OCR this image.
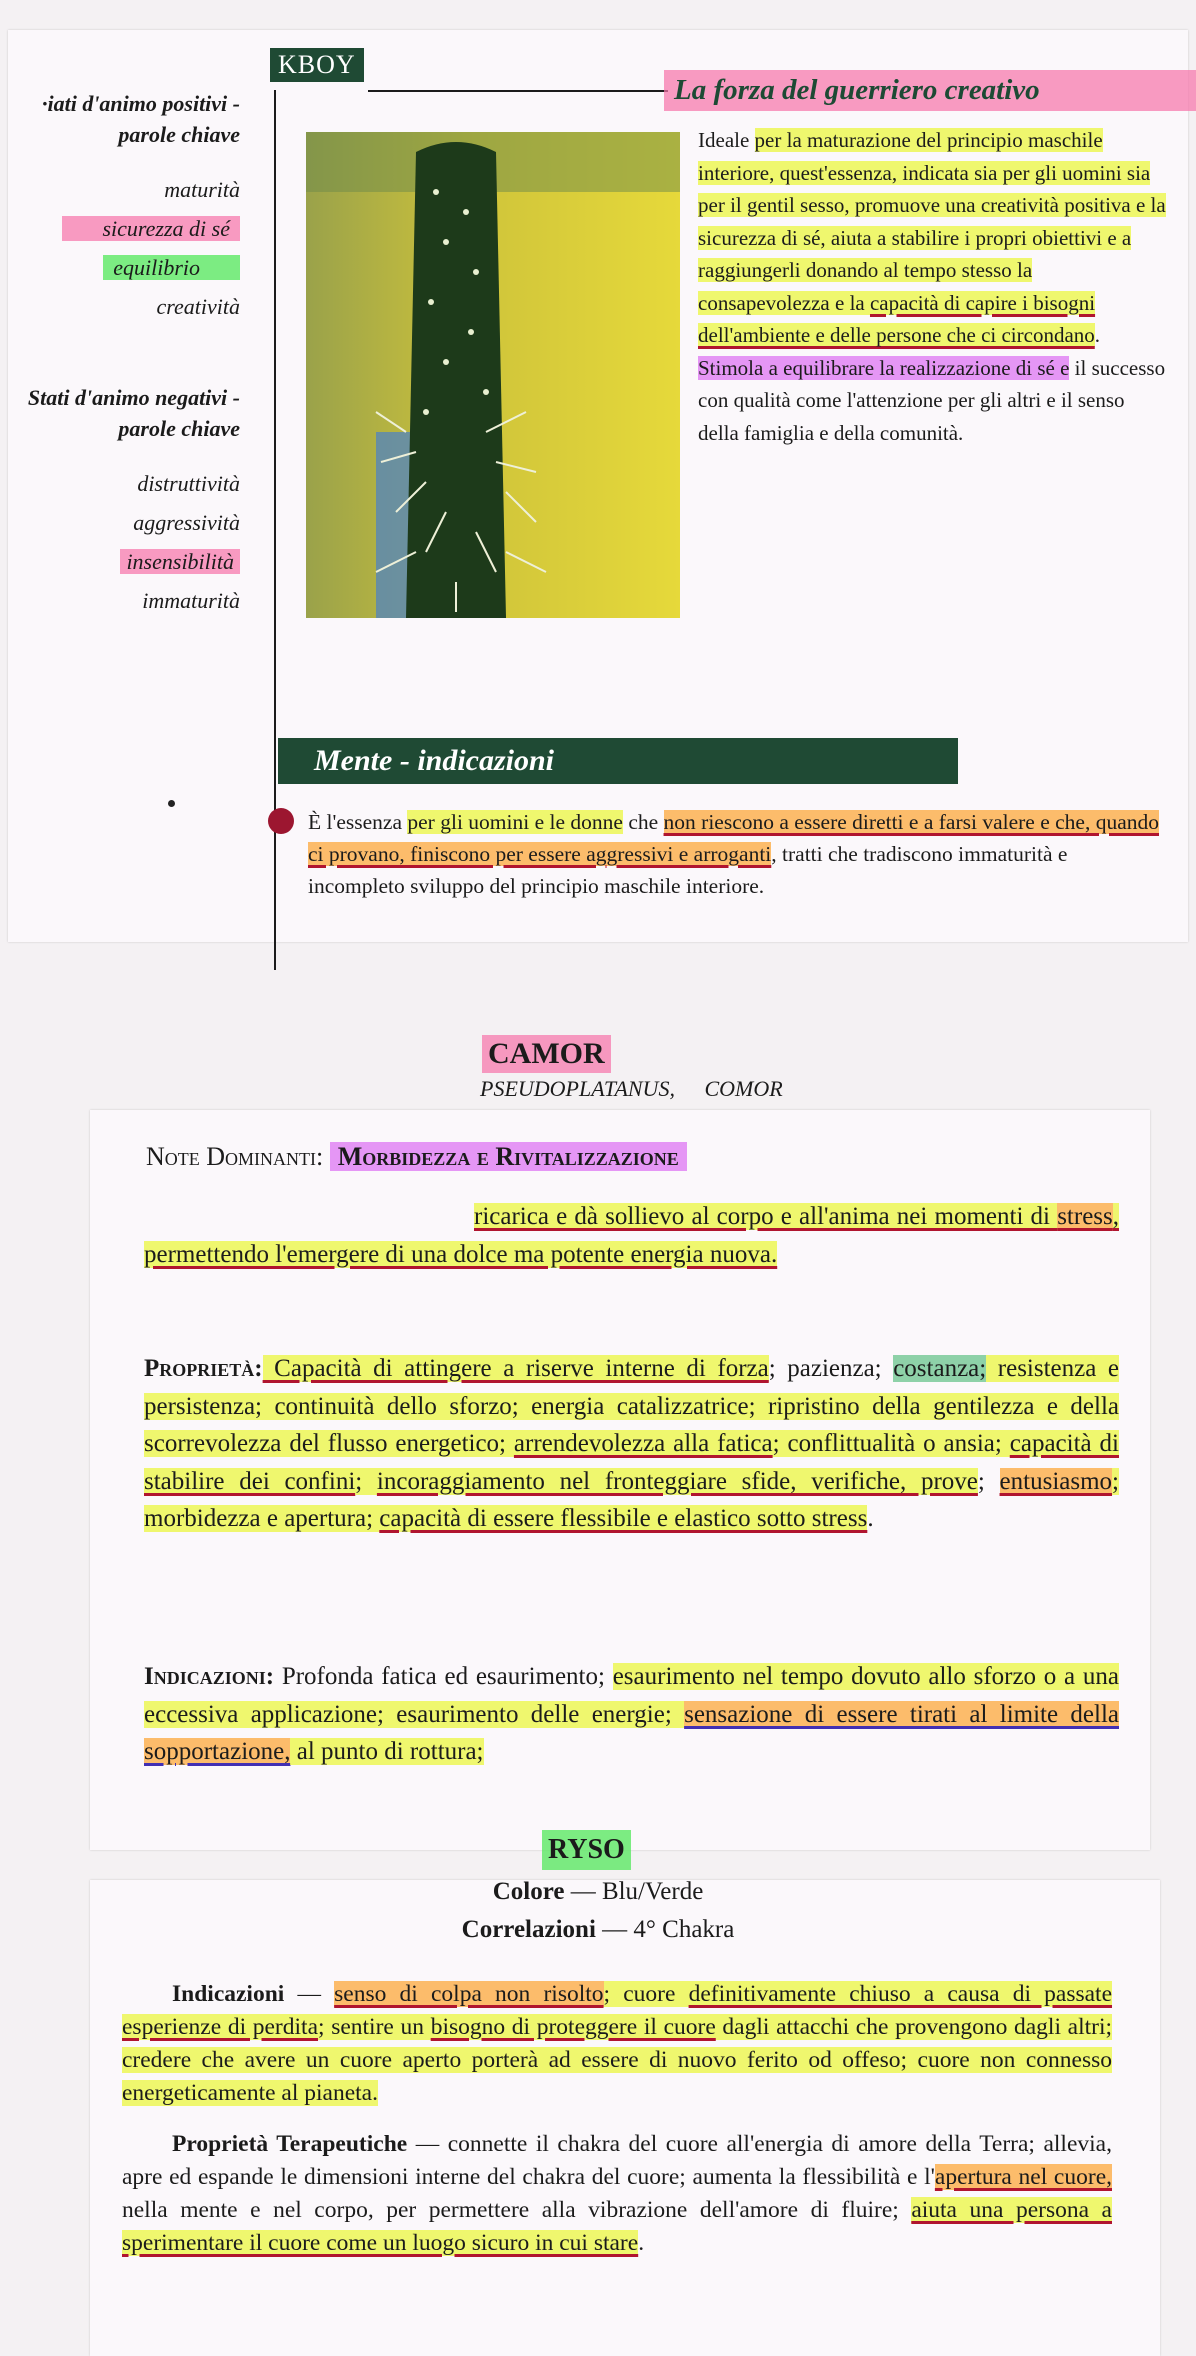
KBOY
·iati d'animo positivi - parole chiave
maturità
sicurezza di sé
equilibrio
creatività
Stati d'animo negativi - parole chiave
distruttività
aggressività
insensibilità
immaturità
La forza del guerriero creativo
Ideale per la maturazione del principio maschile interiore, quest'essenza, indicata sia per gli uomini sia per il gentil sesso, promuove una creatività positiva e la sicurezza di sé, aiuta a stabilire i propri obiettivi e a raggiungerli donando al tempo stesso la consapevolezza e la capacità di capire i bisogni dell'ambiente e delle persone che ci circondano. Stimola a equilibrare la realizzazione di sé e il successo con qualità come l'attenzione per gli altri e il senso della famiglia e della comunità.
Mente - indicazioni
È l'essenza per gli uomini e le donne che non riescono a essere diretti e a farsi valere e che, quando ci provano, finiscono per essere aggressivi e arroganti, tratti che tradiscono immaturità e incompleto sviluppo del principio maschile interiore.
CAMOR
PSEUDOPLATANUS, COMOR
Note Dominanti: Morbidezza e Rivitalizzazione
ricarica e dà sollievo al corpo e all'anima nei momenti di stress, permettendo l'emergere di una dolce ma potente energia nuova.
Proprietà: Capacità di attingere a riserve interne di forza; pazienza; costanza; resistenza e persistenza; continuità dello sforzo; energia catalizzatrice; ripristino della gentilezza e della scorrevolezza del flusso energetico; arrendevolezza alla fatica; conflittualità o ansia; capacità di stabilire dei confini; incoraggiamento nel fronteggiare sfide, verifiche, prove; entusiasmo; morbidezza e apertura; capacità di essere flessibile e elastico sotto stress.
Indicazioni: Profonda fatica ed esaurimento; esaurimento nel tempo dovuto allo sforzo o a una eccessiva applicazione; esaurimento delle energie; sensazione di essere tirati al limite della sopportazione, al punto di rottura;
RYSO
Colore — Blu/Verde
Correlazioni — 4° Chakra
Indicazioni — senso di colpa non risolto; cuore definitivamente chiuso a causa di passate esperienze di perdita; sentire un bisogno di proteggere il cuore dagli attacchi che provengono dagli altri; credere che avere un cuore aperto porterà ad essere di nuovo ferito od offeso; cuore non connesso energeticamente al pianeta.
Proprietà Terapeutiche — connette il chakra del cuore all'energia di amore della Terra; allevia, apre ed espande le dimensioni interne del chakra del cuore; aumenta la flessibilità e l'apertura nel cuore, nella mente e nel corpo, per permettere alla vibrazione dell'amore di fluire; aiuta una persona a sperimentare il cuore come un luogo sicuro in cui stare.
